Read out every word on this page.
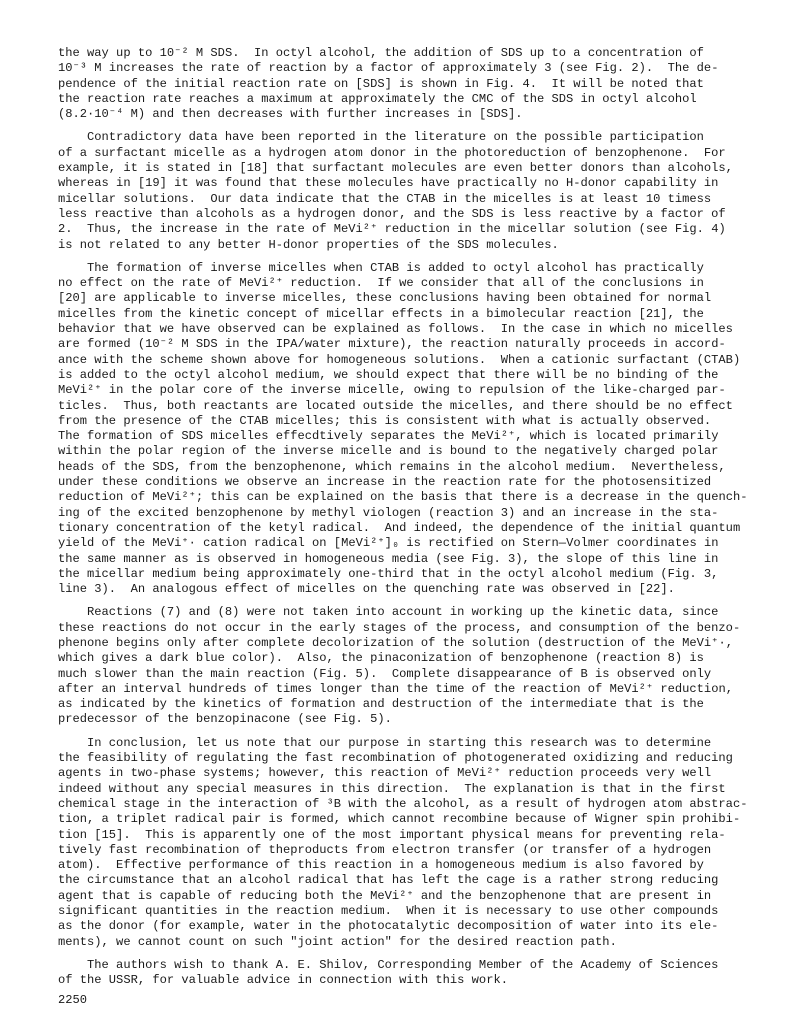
the way up to 10⁻² M SDS.  In octyl alcohol, the addition of SDS up to a concentration of
10⁻³ M increases the rate of reaction by a factor of approximately 3 (see Fig. 2).  The de-
pendence of the initial reaction rate on [SDS] is shown in Fig. 4.  It will be noted that
the reaction rate reaches a maximum at approximately the CMC of the SDS in octyl alcohol
(8.2·10⁻⁴ M) and then decreases with further increases in [SDS].
Contradictory data have been reported in the literature on the possible participation
of a surfactant micelle as a hydrogen atom donor in the photoreduction of benzophenone.  For
example, it is stated in [18] that surfactant molecules are even better donors than alcohols,
whereas in [19] it was found that these molecules have practically no H-donor capability in
micellar solutions.  Our data indicate that the CTAB in the micelles is at least 10 timess
less reactive than alcohols as a hydrogen donor, and the SDS is less reactive by a factor of
2.  Thus, the increase in the rate of MeVi²⁺ reduction in the micellar solution (see Fig. 4)
is not related to any better H-donor properties of the SDS molecules.
The formation of inverse micelles when CTAB is added to octyl alcohol has practically
no effect on the rate of MeVi²⁺ reduction.  If we consider that all of the conclusions in
[20] are applicable to inverse micelles, these conclusions having been obtained for normal
micelles from the kinetic concept of micellar effects in a bimolecular reaction [21], the
behavior that we have observed can be explained as follows.  In the case in which no micelles
are formed (10⁻² M SDS in the IPA/water mixture), the reaction naturally proceeds in accord-
ance with the scheme shown above for homogeneous solutions.  When a cationic surfactant (CTAB)
is added to the octyl alcohol medium, we should expect that there will be no binding of the
MeVi²⁺ in the polar core of the inverse micelle, owing to repulsion of the like-charged par-
ticles.  Thus, both reactants are located outside the micelles, and there should be no effect
from the presence of the CTAB micelles; this is consistent with what is actually observed.
The formation of SDS micelles effecdtively separates the MeVi²⁺, which is located primarily
within the polar region of the inverse micelle and is bound to the negatively charged polar
heads of the SDS, from the benzophenone, which remains in the alcohol medium.  Nevertheless,
under these conditions we observe an increase in the reaction rate for the photosensitized
reduction of MeVi²⁺; this can be explained on the basis that there is a decrease in the quench-
ing of the excited benzophenone by methyl viologen (reaction 3) and an increase in the sta-
tionary concentration of the ketyl radical.  And indeed, the dependence of the initial quantum
yield of the MeVi⁺· cation radical on [MeVi²⁺]₀ is rectified on Stern—Volmer coordinates in
the same manner as is observed in homogeneous media (see Fig. 3), the slope of this line in
the micellar medium being approximately one-third that in the octyl alcohol medium (Fig. 3,
line 3).  An analogous effect of micelles on the quenching rate was observed in [22].
Reactions (7) and (8) were not taken into account in working up the kinetic data, since
these reactions do not occur in the early stages of the process, and consumption of the benzo-
phenone begins only after complete decolorization of the solution (destruction of the MeVi⁺·,
which gives a dark blue color).  Also, the pinaconization of benzophenone (reaction 8) is
much slower than the main reaction (Fig. 5).  Complete disappearance of B is observed only
after an interval hundreds of times longer than the time of the reaction of MeVi²⁺ reduction,
as indicated by the kinetics of formation and destruction of the intermediate that is the
predecessor of the benzopinacone (see Fig. 5).
In conclusion, let us note that our purpose in starting this research was to determine
the feasibility of regulating the fast recombination of photogenerated oxidizing and reducing
agents in two-phase systems; however, this reaction of MeVi²⁺ reduction proceeds very well
indeed without any special measures in this direction.  The explanation is that in the first
chemical stage in the interaction of ³B with the alcohol, as a result of hydrogen atom abstrac-
tion, a triplet radical pair is formed, which cannot recombine because of Wigner spin prohibi-
tion [15].  This is apparently one of the most important physical means for preventing rela-
tively fast recombination of theproducts from electron transfer (or transfer of a hydrogen
atom).  Effective performance of this reaction in a homogeneous medium is also favored by
the circumstance that an alcohol radical that has left the cage is a rather strong reducing
agent that is capable of reducing both the MeVi²⁺ and the benzophenone that are present in
significant quantities in the reaction medium.  When it is necessary to use other compounds
as the donor (for example, water in the photocatalytic decomposition of water into its ele-
ments), we cannot count on such "joint action" for the desired reaction path.
The authors wish to thank A. E. Shilov, Corresponding Member of the Academy of Sciences
of the USSR, for valuable advice in connection with this work.
2250
